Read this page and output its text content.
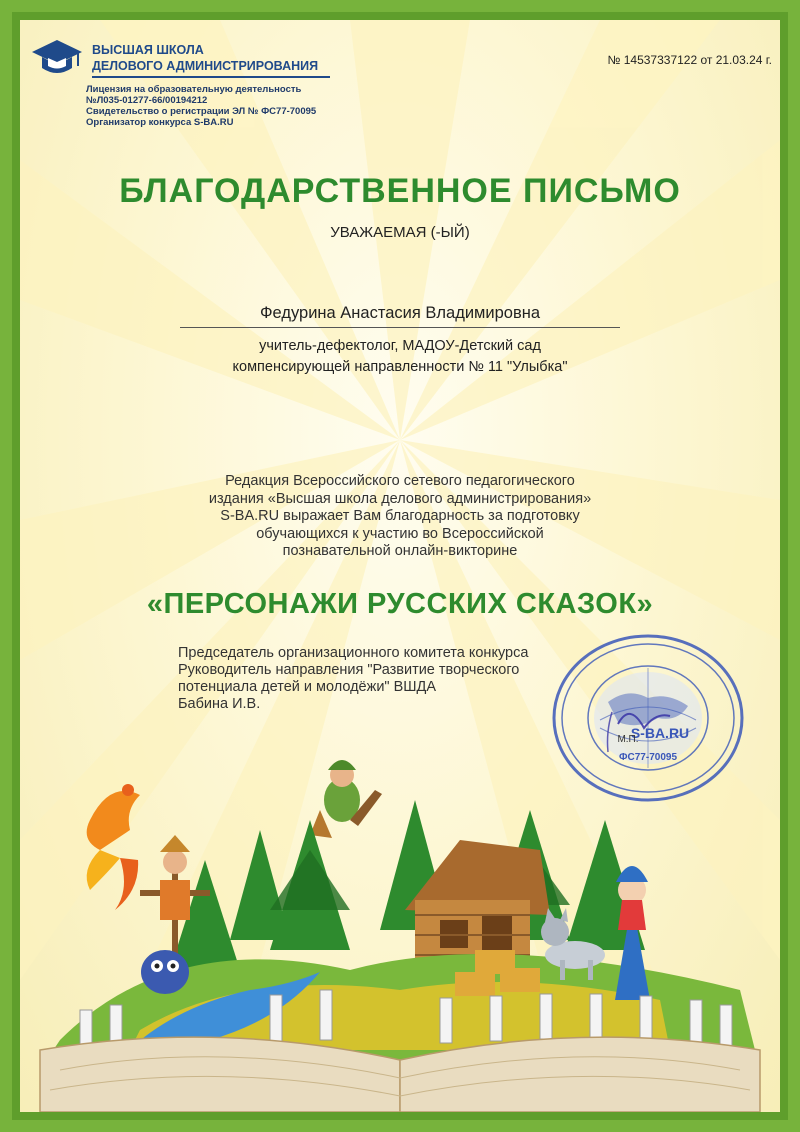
ВЫСШАЯ ШКОЛА
ДЕЛОВОГО АДМИНИСТРИРОВАНИЯ
Лицензия на образовательную деятельность
№Л035-01277-66/00194212
Свидетельство о регистрации ЭЛ № ФС77-70095
Организатор конкурса S-BA.RU
№ 14537337122 от 21.03.24 г.
БЛАГОДАРСТВЕННОЕ ПИСЬМО
УВАЖАЕМАЯ (-ЫЙ)
Федурина Анастасия Владимировна
учитель-дефектолог, МАДОУ-Детский сад
компенсирующей направленности № 11 "Улыбка"
Редакция Всероссийского сетевого педагогического
издания «Высшая школа делового администрирования»
S-BA.RU выражает Вам благодарность за подготовку
обучающихся к участию во Всероссийской
познавательной онлайн-викторине
«ПЕРСОНАЖИ РУССКИХ СКАЗОК»
Председатель организационного комитета конкурса
Руководитель направления "Развитие творческого
потенциала детей и молодёжи" ВШДА
Бабина И.В.
S-BA.RU
ФС77-70095
М.П.
